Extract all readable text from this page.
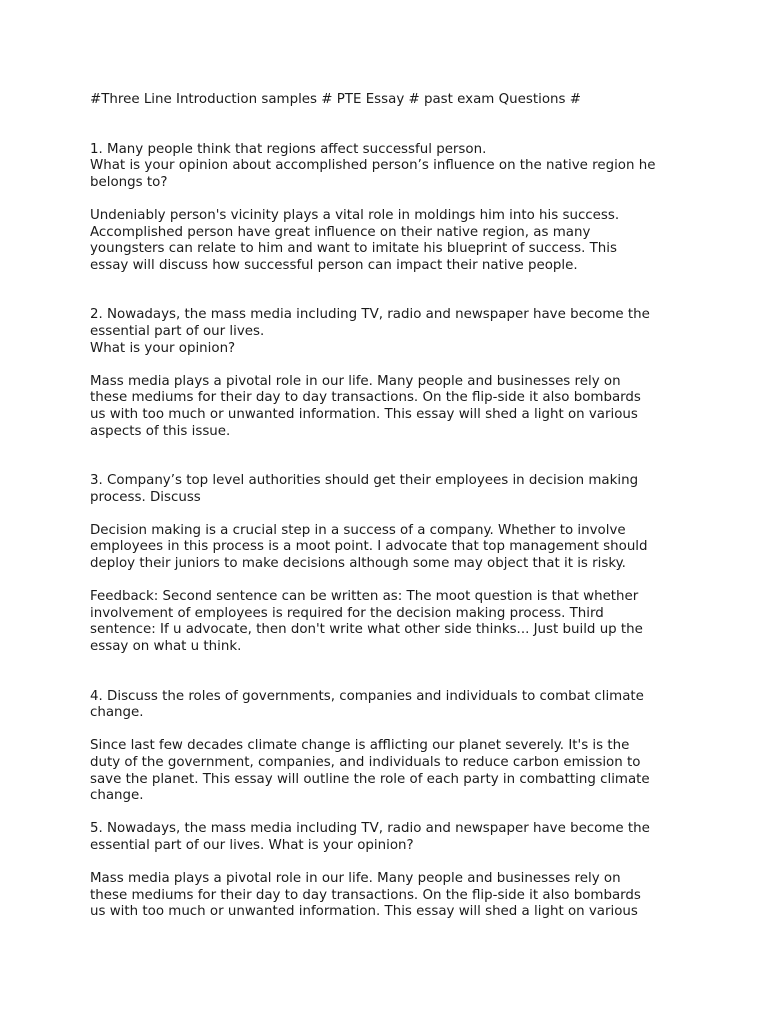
#Three Line Introduction samples # PTE Essay # past exam Questions #
1. Many people think that regions affect successful person.
What is your opinion about accomplished person’s influence on the native region he
belongs to?
Undeniably person's vicinity plays a vital role in moldings him into his success.
Accomplished person have great influence on their native region, as many
youngsters can relate to him and want to imitate his blueprint of success. This
essay will discuss how successful person can impact their native people.
2. Nowadays, the mass media including TV, radio and newspaper have become the
essential part of our lives.
What is your opinion?
Mass media plays a pivotal role in our life. Many people and businesses rely on
these mediums for their day to day transactions. On the flip-side it also bombards
us with too much or unwanted information. This essay will shed a light on various
aspects of this issue.
3. Company’s top level authorities should get their employees in decision making
process. Discuss
Decision making is a crucial step in a success of a company. Whether to involve
employees in this process is a moot point. I advocate that top management should
deploy their juniors to make decisions although some may object that it is risky.
Feedback: Second sentence can be written as: The moot question is that whether
involvement of employees is required for the decision making process. Third
sentence: If u advocate, then don't write what other side thinks... Just build up the
essay on what u think.
4. Discuss the roles of governments, companies and individuals to combat climate
change.
Since last few decades climate change is afflicting our planet severely. It's is the
duty of the government, companies, and individuals to reduce carbon emission to
save the planet. This essay will outline the role of each party in combatting climate
change.
5. Nowadays, the mass media including TV, radio and newspaper have become the
essential part of our lives. What is your opinion?
Mass media plays a pivotal role in our life. Many people and businesses rely on
these mediums for their day to day transactions. On the flip-side it also bombards
us with too much or unwanted information. This essay will shed a light on various
